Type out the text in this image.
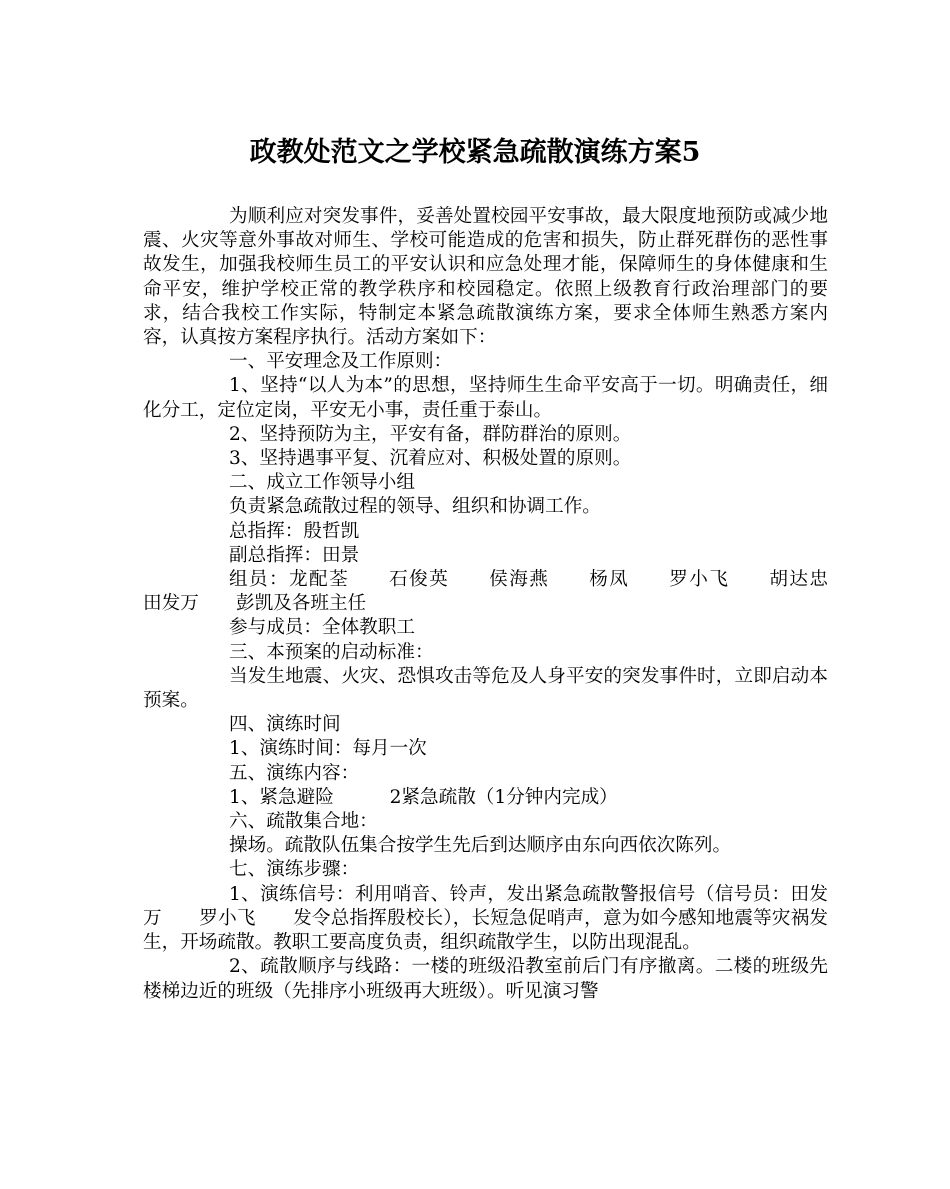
政教处范文之学校紧急疏散演练方案5

为顺利应对突发事件，妥善处置校园平安事故，最大限度地预防或减少地震、火灾等意外事故对师生、学校可能造成的危害和损失，防止群死群伤的恶性事故发生，加强我校师生员工的平安认识和应急处理才能，保障师生的身体健康和生命平安，维护学校正常的教学秩序和校园稳定。依照上级教育行政治理部门的要求，结合我校工作实际，特制定本紧急疏散演练方案，要求全体师生熟悉方案内容，认真按方案程序执行。活动方案如下：

一、平安理念及工作原则：

1、坚持“以人为本”的思想，坚持师生生命平安高于一切。明确责任，细化分工，定位定岗，平安无小事，责任重于泰山。

2、坚持预防为主，平安有备，群防群治的原则。

3、坚持遇事平复、沉着应对、积极处置的原则。

二、成立工作领导小组

负责紧急疏散过程的领导、组织和协调工作。

总指挥：殷哲凯

副总指挥：田景

组员：龙配荃　　石俊英　　侯海燕　　杨凤　　罗小飞　　胡达忠　　田发万　　彭凯及各班主任

参与成员：全体教职工

三、本预案的启动标准：

当发生地震、火灾、恐惧攻击等危及人身平安的突发事件时，立即启动本预案。

四、演练时间

1、演练时间：每月一次

五、演练内容：

1、紧急避险　　　2紧急疏散（1分钟内完成）

六、疏散集合地：

操场。疏散队伍集合按学生先后到达顺序由东向西依次陈列。

七、演练步骤：

1、演练信号：利用哨音、铃声，发出紧急疏散警报信号（信号员：田发万　　罗小飞　　发令总指挥殷校长），长短急促哨声，意为如今感知地震等灾祸发生，开场疏散。教职工要高度负责，组织疏散学生，以防出现混乱。

2、疏散顺序与线路：一楼的班级沿教室前后门有序撤离。二楼的班级先楼梯边近的班级（先排序小班级再大班级）。听见演习警
